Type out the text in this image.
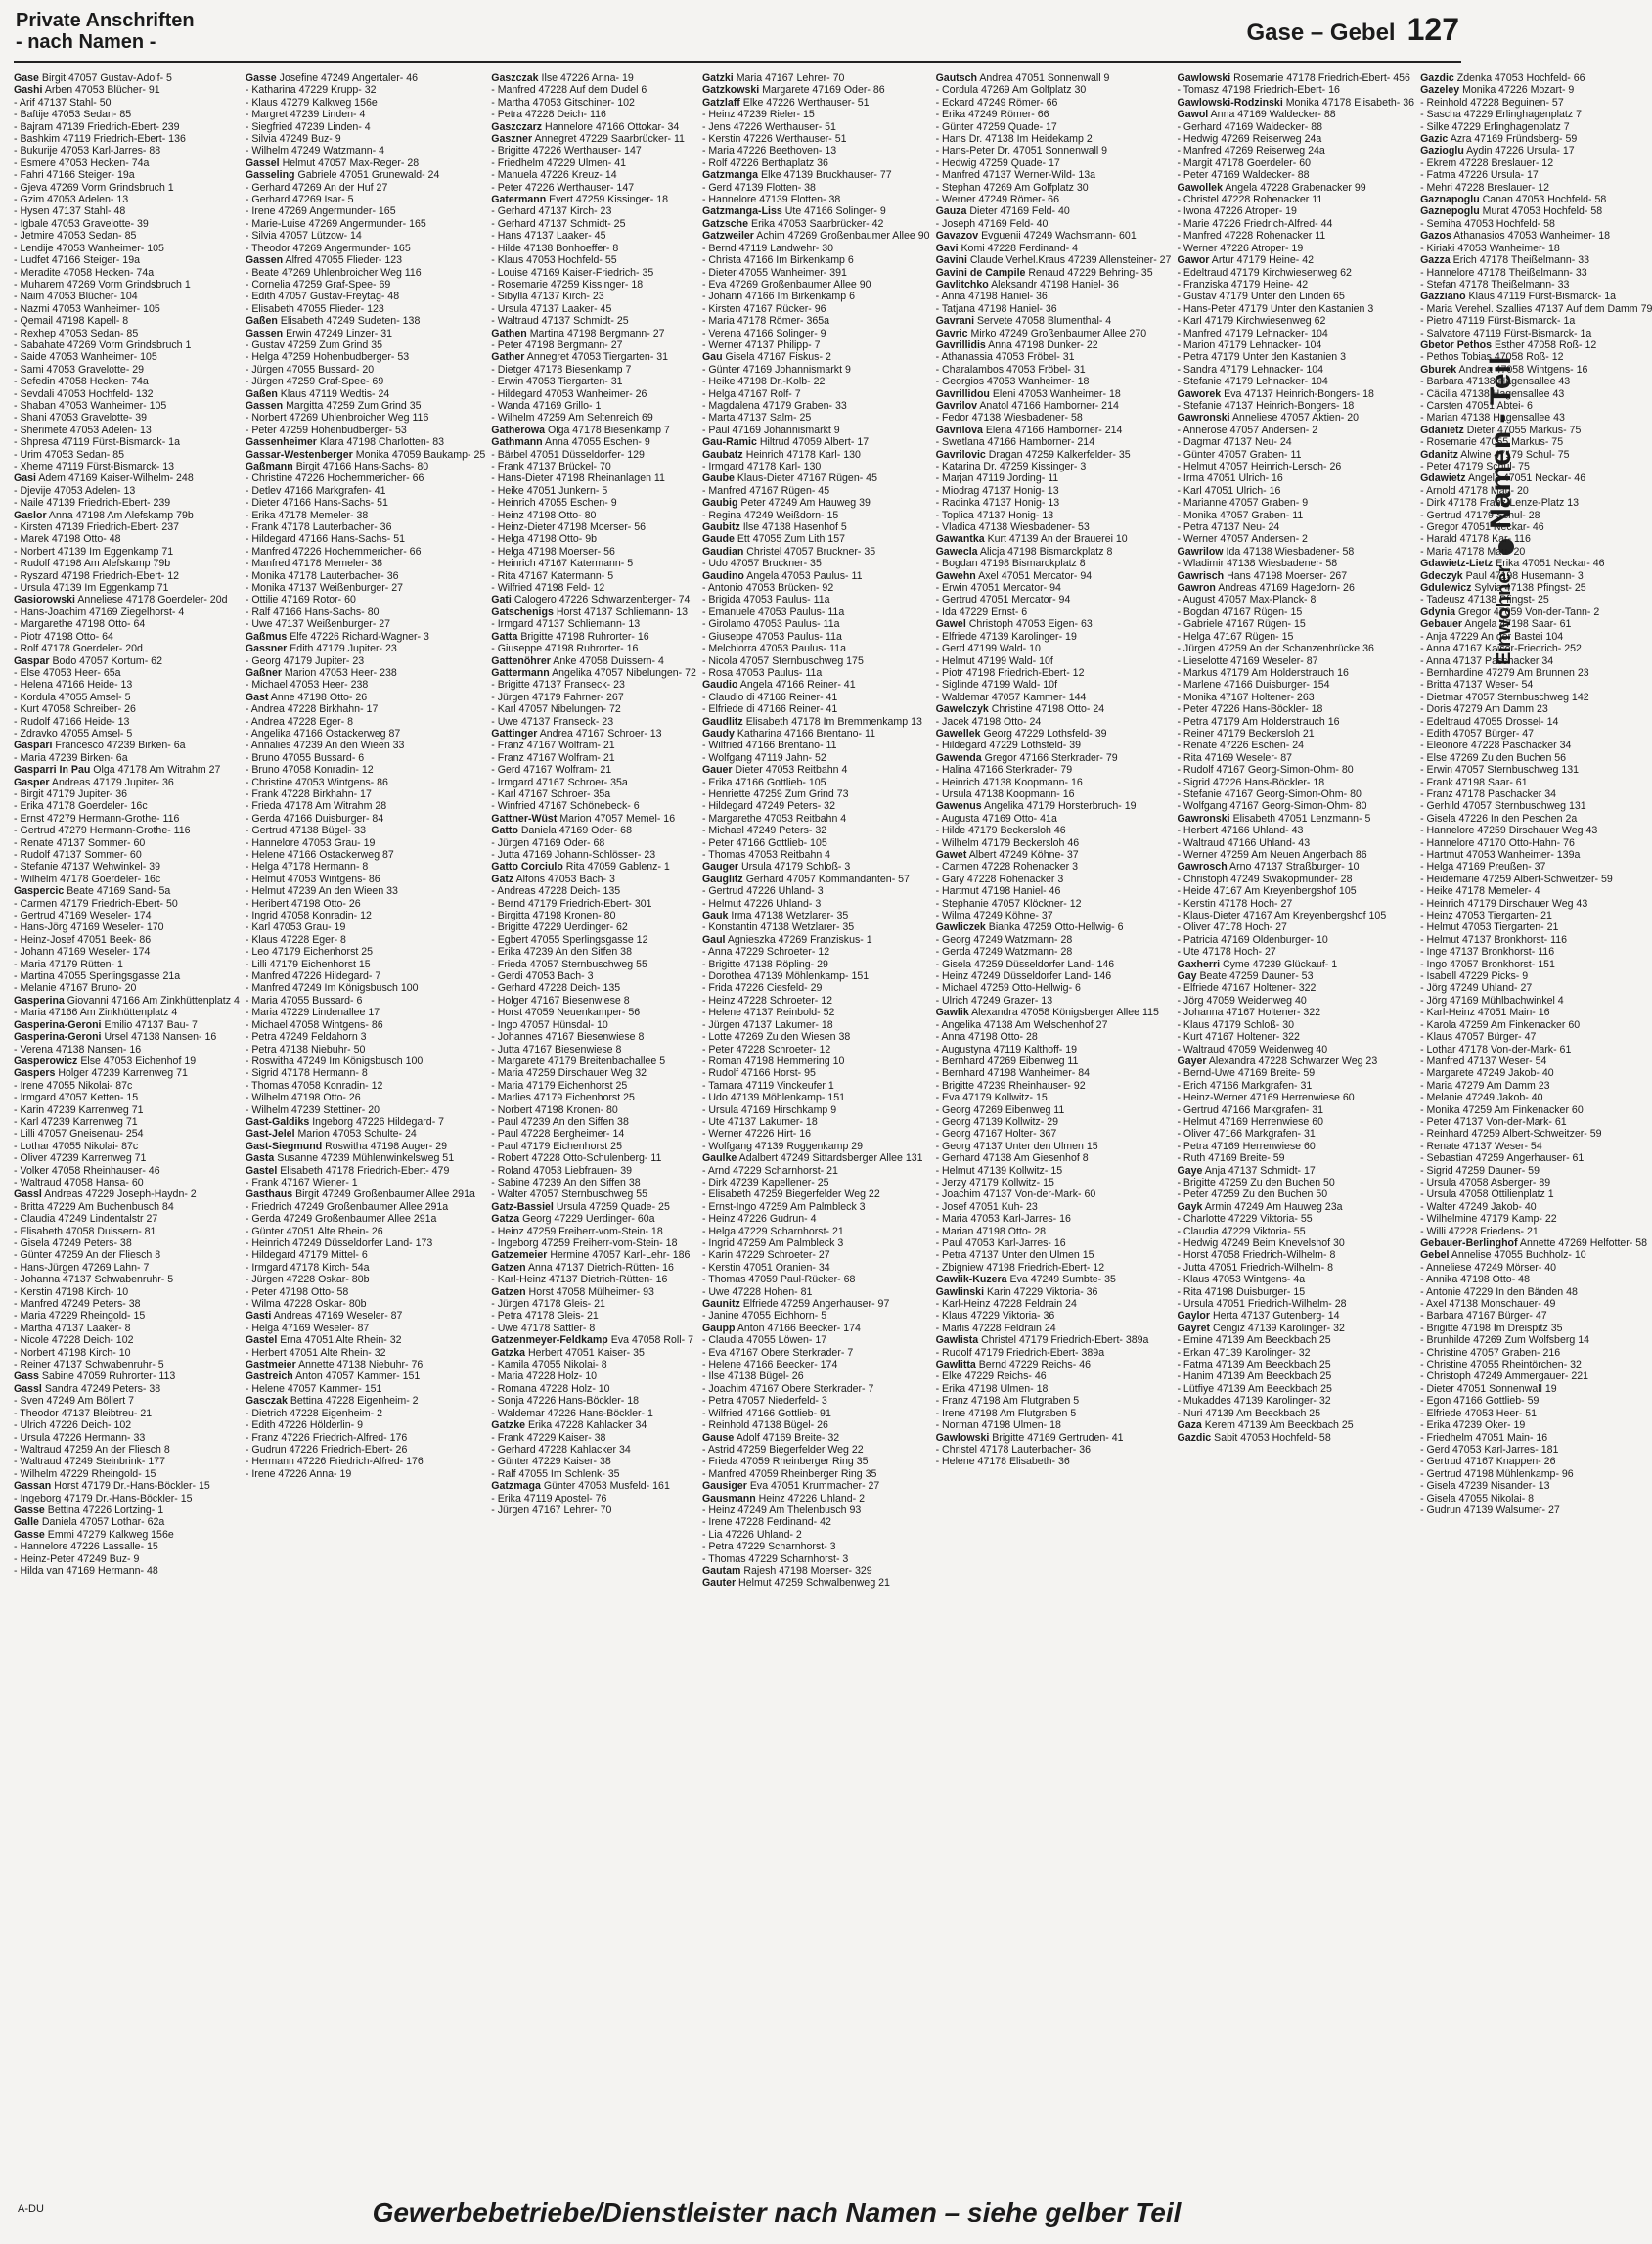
Private Anschriften
- nach Namen -	Gase – Gebel 127
Einwohner  Namen - Teil

Gase Birgit 47057 Gustav-Adolf- 5

Gashi Arben 47053 Blücher- 91

- Arif 47137 Stahl- 50

- Baftije 47053 Sedan- 85

- Bajram 47139 Friedrich-Ebert- 239

- Bashkim 47119 Friedrich-Ebert- 136

- Bukurije 47053 Karl-Jarres- 88

- Esmere 47053 Hecken- 74a

- Fahri 47166 Steiger- 19a

- Gjeva 47269 Vorm Grindsbruch 1

- Gzim 47053 Adelen- 13

- Hysen 47137 Stahl- 48

- Igbale 47053 Gravelotte- 39

- Jetmire 47053 Sedan- 85

- Lendije 47053 Wanheimer- 105

- Ludfet 47166 Steiger- 19a

- Meradite 47058 Hecken- 74a

- Muharem 47269 Vorm Grindsbruch 1

- Naim 47053 Blücher- 104

- Nazmi 47053 Wanheimer- 105

- Qemail 47198 Kapell- 8

- Rexhep 47053 Sedan- 85

- Sabahate 47269 Vorm Grindsbruch 1

- Saide 47053 Wanheimer- 105

- Sami 47053 Gravelotte- 29

- Sefedin 47058 Hecken- 74a

- Sevdali 47053 Hochfeld- 132

- Shaban 47053 Wanheimer- 105

- Shani 47053 Gravelotte- 39

- Sherimete 47053 Adelen- 13

- Shpresa 47119 Fürst-Bismarck- 1a

- Urim 47053 Sedan- 85

- Xheme 47119 Fürst-Bismarck- 13

Gasi Adem 47169 Kaiser-Wilhelm- 248

- Djevije 47053 Adelen- 13

- Naile 47139 Friedrich-Ebert- 239

Gaslor Anna 47198 Am Alefskamp 79b

- Kirsten 47139 Friedrich-Ebert- 237

- Marek 47198 Otto- 48

- Norbert 47139 Im Eggenkamp 71

- Rudolf 47198 Am Alefskamp 79b

- Ryszard 47198 Friedrich-Ebert- 12

- Ursula 47139 Im Eggenkamp 71

Gasiorowski Anneliese 47178 Goerdeler- 20d

- Hans-Joachim 47169 Ziegelhorst- 4

- Margarethe 47198 Otto- 64

- Piotr 47198 Otto- 64

- Rolf 47178 Goerdeler- 20d

Gaspar Bodo 47057 Kortum- 62

- Else 47053 Heer- 65a

- Helena 47166 Heide- 13

- Kordula 47055 Amsel- 5

- Kurt 47058 Schreiber- 26

- Rudolf 47166 Heide- 13

- Zdravko 47055 Amsel- 5

Gaspari Francesco 47239 Birken- 6a

- Maria 47239 Birken- 6a

Gasparri In Pau Olga 47178 Am Witrahm 27

Gasper Andreas 47179 Jupiter- 36

- Birgit 47179 Jupiter- 36

- Erika 47178 Goerdeler- 16c

- Ernst 47279 Hermann-Grothe- 116

- Gertrud 47279 Hermann-Grothe- 116

- Renate 47137 Sommer- 60

- Rudolf 47137 Sommer- 60

- Stefanie 47137 Wehwinkel- 39

- Wilhelm 47178 Goerdeler- 16c

Gaspercic Beate 47169 Sand- 5a

- Carmen 47179 Friedrich-Ebert- 50

- Gertrud 47169 Weseler- 174

- Hans-Jörg 47169 Weseler- 170

- Heinz-Josef 47051 Beek- 86

- Johann 47169 Weseler- 174

- Maria 47179 Rütten- 1

- Martina 47055 Sperlingsgasse 21a

- Melanie 47167 Bruno- 20

Gasperina Giovanni 47166 Am Zinkhüttenplatz 4

- Maria 47166 Am Zinkhüttenplatz 4

Gasperina-Geroni Emilio 47137 Bau- 7

Gasperina-Geroni Ursel 47138 Nansen- 16

- Verena 47138 Nansen- 16

Gasperowicz Else 47053 Eichenhof 19

Gaspers Holger 47239 Karrenweg 71

- Irene 47055 Nikolai- 87c

- Irmgard 47057 Ketten- 15

- Karin 47239 Karrenweg 71

- Karl 47239 Karrenweg 71

- Lilli 47057 Gneisenau- 254

- Lothar 47055 Nikolai- 87c

- Oliver 47239 Karrenweg 71

- Volker 47058 Rheinhauser- 46

- Waltraud 47058 Hansa- 60

Gassl Andreas 47229 Joseph-Haydn- 2

- Britta 47229 Am Buchenbusch 84

- Claudia 47249 Lindentalstr 27

- Elisabeth 47058 Duissern- 81

- Gisela 47249 Peters- 38

- Günter 47259 An der Fliesch 8

- Hans-Jürgen 47269 Lahn- 7

- Johanna 47137 Schwabenruhr- 5

- Kerstin 47198 Kirch- 10

- Manfred 47249 Peters- 38

- Maria 47229 Rheingold- 15

- Martha 47137 Laaker- 8

- Nicole 47228 Deich- 102

- Norbert 47198 Kirch- 10

- Reiner 47137 Schwabenruhr- 5

Gass Sabine 47059 Ruhrorter- 113

Gassl Sandra 47249 Peters- 38

- Sven 47249 Am Böllert 7

- Theodor 47137 Bleibtreu- 21

- Ulrich 47226 Deich- 102

- Ursula 47226 Hermann- 33

- Waltraud 47259 An der Fliesch 8

- Waltraud 47249 Steinbrink- 177

- Wilhelm 47229 Rheingold- 15

Gassan Horst 47179 Dr.-Hans-Böckler- 15

- Ingeborg 47179 Dr.-Hans-Böckler- 15

Gasse Bettina 47226 Lortzing- 1

Galle Daniela 47057 Lothar- 62a

Gasse Emmi 47279 Kalkweg 156e

- Hannelore 47226 Lassalle- 15

- Heinz-Peter 47249 Buz- 9

- Hilda van 47169 Hermann- 48

Gasse Josefine 47249 Angertaler- 46

- Katharina 47229 Krupp- 32

- Klaus 47279 Kalkweg 156e

- Margret 47239 Linden- 4

- Siegfried 47239 Linden- 4

- Silvia 47249 Buz- 9

- Wilhelm 47249 Watzmann- 4

Gassel Helmut 47057 Max-Reger- 28

Gasseling Gabriele 47051 Grunewald- 24

- Gerhard 47269 An der Huf 27

- Gerhard 47269 Isar- 5

- Irene 47269 Angermunder- 165

- Marie-Luise 47269 Angermunder- 165

- Silvia 47057 Lützow- 14

- Theodor 47269 Angermunder- 165

Gassen Alfred 47055 Flieder- 123

- Beate 47269 Uhlenbroicher Weg 116

- Cornelia 47259 Graf-Spee- 69

- Edith 47057 Gustav-Freytag- 48

- Elisabeth 47055 Flieder- 123

Gaßen Elisabeth 47249 Sudeten- 138

Gassen Erwin 47249 Linzer- 31

- Gustav 47259 Zum Grind 35

- Helga 47259 Hohenbudberger- 53

- Jürgen 47055 Bussard- 20

- Jürgen 47259 Graf-Spee- 69

Gaßen Klaus 47119 Wedtis- 24

Gassen Margitta 47259 Zum Grind 35

- Norbert 47269 Uhlenbroicher Weg 116

- Peter 47259 Hohenbudberger- 53

Gassenheimer Klara 47198 Charlotten- 83

Gassar-Westenberger Monika 47059 Baukamp- 25

Gaßmann Birgit 47166 Hans-Sachs- 80

- Christine 47226 Hochemmericher- 66

- Detlev 47166 Markgrafen- 41

- Dieter 47166 Hans-Sachs- 51

- Erika 47178 Memeler- 38

- Frank 47178 Lauterbacher- 36

- Hildegard 47166 Hans-Sachs- 51

- Manfred 47226 Hochemmericher- 66

- Manfred 47178 Memeler- 38

- Monika 47178 Lauterbacher- 36

- Monika 47137 Weißenburger- 27

- Ottilie 47169 Rotor- 60

- Ralf 47166 Hans-Sachs- 80

- Uwe 47137 Weißenburger- 27

Gaßmus Elfe 47226 Richard-Wagner- 3

Gassner Edith 47179 Jupiter- 23

- Georg 47179 Jupiter- 23

Gaßner Marion 47053 Heer- 238

- Michael 47053 Heer- 238

Gast Anne 47198 Otto- 26

- Andrea 47228 Birkhahn- 17

- Andrea 47228 Eger- 8

- Angelika 47166 Ostackerweg 87

- Annalies 47239 An den Wieen 33

- Bruno 47055 Bussard- 6

- Bruno 47058 Konradin- 12

- Christine 47053 Wintgens- 86

- Frank 47228 Birkhahn- 17

- Frieda 47178 Am Witrahm 28

- Gerda 47166 Duisburger- 84

- Gertrud 47138 Bügel- 33

- Hannelore 47053 Grau- 19

- Helene 47166 Ostackerweg 87

- Helga 47178 Hermann- 8

- Helmut 47053 Wintgens- 86

- Helmut 47239 An den Wieen 33

- Heribert 47198 Otto- 26

- Ingrid 47058 Konradin- 12

- Karl 47053 Grau- 19

- Klaus 47228 Eger- 8

- Leo 47179 Eichenhorst 25

- Lilli 47179 Eichenhorst 15

- Manfred 47226 Hildegard- 7

- Manfred 47249 Im Königsbusch 100

- Maria 47055 Bussard- 6

- Maria 47229 Lindenallee 17

- Michael 47058 Wintgens- 86

- Petra 47249 Feldahorn 3

- Petra 47138 Niebuhr- 50

- Roswitha 47249 Im Königsbusch 100

- Sigrid 47178 Hermann- 8

- Thomas 47058 Konradin- 12

- Wilhelm 47198 Otto- 26

- Wilhelm 47239 Stettiner- 20

Gast-Galdiks Ingeborg 47226 Hildegard- 7

Gast-Jelel Marion 47053 Schulte- 24

Gast-Siegmund Roswitha 47198 Auger- 29

Gasta Susanne 47239 Mühlenwinkelsweg 51

Gastel Elisabeth 47178 Friedrich-Ebert- 479

- Frank 47167 Wiener- 1

Gasthaus Birgit 47249 Großenbaumer Allee 291a

- Friedrich 47249 Großenbaumer Allee 291a

- Gerda 47249 Großenbaumer Allee 291a

- Günter 47051 Alte Rhein- 26

- Heinrich 47249 Düsseldorfer Land- 173

- Hildegard 47179 Mittel- 6

- Irmgard 47178 Kirch- 54a

- Jürgen 47228 Oskar- 80b

- Peter 47198 Otto- 58

- Wilma 47228 Oskar- 80b

Gasti Andreas 47169 Weseler- 87

- Helga 47169 Weseler- 87

Gastel Erna 47051 Alte Rhein- 32

- Herbert 47051 Alte Rhein- 32

Gastmeier Annette 47138 Niebuhr- 76

Gastreich Anton 47057 Kammer- 151

- Helene 47057 Kammer- 151

Gasczak Bettina 47228 Eigenheim- 2

- Dietrich 47228 Eigenheim- 2

- Edith 47226 Hölderlin- 9

- Franz 47226 Friedrich-Alfred- 176

- Gudrun 47226 Friedrich-Ebert- 26

- Hermann 47226 Friedrich-Alfred- 176

- Irene 47226 Anna- 19

Gaszczak Ilse 47226 Anna- 19

- Manfred 47228 Auf dem Dudel 6

- Martha 47053 Gitschiner- 102

- Petra 47228 Deich- 116

Gaszczarz Hannelore 47166 Ottokar- 34

Gaszner Annegret 47229 Saarbrücker- 11

- Brigitte 47226 Werthauser- 147

- Friedhelm 47229 Ulmen- 41

- Manuela 47226 Kreuz- 14

- Peter 47226 Werthauser- 147

Gatermann Evert 47259 Kissinger- 18

- Gerhard 47137 Kirch- 23

- Gerhard 47137 Schmidt- 25

- Hans 47137 Laaker- 45

- Hilde 47138 Bonhoeffer- 8

- Klaus 47053 Hochfeld- 55

- Louise 47169 Kaiser-Friedrich- 35

- Rosemarie 47259 Kissinger- 18

- Sibylla 47137 Kirch- 23

- Ursula 47137 Laaker- 45

- Waltraud 47137 Schmidt- 25

Gathen Martina 47198 Bergmann- 27

- Peter 47198 Bergmann- 27

Gather Annegret 47053 Tiergarten- 31

- Dietger 47178 Biesenkamp 7

- Erwin 47053 Tiergarten- 31

- Hildegard 47053 Wanheimer- 26

- Wanda 47169 Grillo- 1

- Wilhelm 47259 Am Seltenreich 69

Gatherowa Olga 47178 Biesenkamp 7

Gathmann Anna 47055 Eschen- 9

- Bärbel 47051 Düsseldorfer- 129

- Frank 47137 Brückel- 70

- Hans-Dieter 47198 Rheinanlagen 11

- Heike 47051 Junkern- 5

- Heinrich 47055 Eschen- 9

- Heinz 47198 Otto- 80

- Heinz-Dieter 47198 Moerser- 56

- Helga 47198 Otto- 9b

- Helga 47198 Moerser- 56

- Heinrich 47167 Katermann- 5

- Rita 47167 Katermann- 5

- Wilfried 47198 Feld- 12

Gati Calogero 47226 Schwarzenberger- 74

Gatschenigs Horst 47137 Schliemann- 13

- Irmgard 47137 Schliemann- 13

Gatta Brigitte 47198 Ruhrorter- 16

- Giuseppe 47198 Ruhrorter- 16

Gattenöhrer Anke 47058 Duissern- 4

Gattermann Angelika 47057 Nibelungen- 72

- Brigitte 47137 Franseck- 23

- Jürgen 47179 Fahrner- 267

- Karl 47057 Nibelungen- 72

- Uwe 47137 Franseck- 23

Gattinger Andrea 47167 Schroer- 13

- Franz 47167 Wolfram- 21

- Franz 47167 Wolfram- 21

- Gerd 47167 Wolfram- 21

- Irmgard 47167 Schroer- 35a

- Karl 47167 Schroer- 35a

- Winfried 47167 Schönebeck- 6

Gattner-Wüst Marion 47057 Memel- 16

Gatto Daniela 47169 Oder- 68

- Jürgen 47169 Oder- 68

- Jutta 47169 Johann-Schlösser- 23

Gatto Corciulo Rita 47059 Gablenz- 1

Gatz Alfons 47053 Bach- 3

- Andreas 47228 Deich- 135

- Bernd 47179 Friedrich-Ebert- 301

- Birgitta 47198 Kronen- 80

- Brigitte 47229 Uerdinger- 62

- Egbert 47055 Sperlingsgasse 12

- Erika 47239 An den Sitfen 38

- Frieda 47057 Sternbuschweg 55

- Gerdi 47053 Bach- 3

- Gerhard 47228 Deich- 135

- Holger 47167 Biesenwiese 8

- Horst 47059 Neuenkamper- 56

- Ingo 47057 Hünsdal- 10

- Johannes 47167 Biesenwiese 8

- Jutta 47167 Biesenwiese 8

- Margarete 47179 Breitenbachallee 5

- Maria 47259 Dirschauer Weg 32

- Maria 47179 Eichenhorst 25

- Marlies 47179 Eichenhorst 25

- Norbert 47198 Kronen- 80

- Paul 47239 An den Siffen 38

- Paul 47228 Bergheimer- 14

- Paul 47179 Eichenhorst 25

- Robert 47228 Otto-Schulenberg- 11

- Roland 47053 Liebfrauen- 39

- Sabine 47239 An den Siffen 38

- Walter 47057 Sternbuschweg 55

Gatz-Bassiel Ursula 47259 Quade- 25

Gatza Georg 47229 Uerdinger- 60a

- Heinz 47259 Freiherr-vom-Stein- 18

- Ingeborg 47259 Freiherr-vom-Stein- 18

Gatzemeier Hermine 47057 Karl-Lehr- 186

Gatzen Anna 47137 Dietrich-Rütten- 16

- Karl-Heinz 47137 Dietrich-Rütten- 16

Gatzen Horst 47058 Mülheimer- 93

- Jürgen 47178 Gleis- 21

- Petra 47178 Gleis- 21

- Uwe 47178 Sattler- 8

Gatzenmeyer-Feldkamp Eva 47058 Roll- 7

Gatzka Herbert 47051 Kaiser- 35

- Kamila 47055 Nikolai- 8

- Maria 47228 Holz- 10

- Romana 47228 Holz- 10

- Sonja 47226 Hans-Böckler- 18

- Waldemar 47226 Hans-Böckler- 1

Gatzke Erika 47228 Kahlacker 34

- Frank 47229 Kaiser- 38

- Gerhard 47228 Kahlacker 34

- Günter 47229 Kaiser- 38

- Ralf 47055 Im Schlenk- 35

Gatzmaga Günter 47053 Musfeld- 161

- Erika 47119 Apostel- 76

- Jürgen 47167 Lehrer- 70

Gatzki Maria 47167 Lehrer- 70

Gatzkowski Margarete 47169 Oder- 86

Gatzlaff Elke 47226 Werthauser- 51

- Heinz 47239 Rieler- 15

- Jens 47226 Werthauser- 51

- Kerstin 47226 Werthauser- 51

- Maria 47226 Beethoven- 13

- Rolf 47226 Berthaplatz 36

Gatzmanga Elke 47139 Bruckhauser- 77

- Gerd 47139 Flotten- 38

- Hannelore 47139 Flotten- 38

Gatzmanga-Liss Ute 47166 Solinger- 9

Gatzsche Erika 47053 Saarbrücker- 42

Gatzweiler Achim 47269 Großenbaumer Allee 90

- Bernd 47119 Landwehr- 30

- Christa 47166 Im Birkenkamp 6

- Dieter 47055 Wanheimer- 391

- Eva 47269 Großenbaumer Allee 90

- Johann 47166 Im Birkenkamp 6

- Kirsten 47167 Rücker- 96

- Maria 47178 Römer- 365a

- Verena 47166 Solinger- 9

- Werner 47137 Philipp- 7

Gau Gisela 47167 Fiskus- 2

- Günter 47169 Johannismarkt 9

- Heike 47198 Dr.-Kolb- 22

- Helga 47167 Rolf- 7

- Magdalena 47179 Graben- 33

- Marta 47137 Salm- 25

- Paul 47169 Johannismarkt 9

Gau-Ramic Hiltrud 47059 Albert- 17

Gaubatz Heinrich 47178 Karl- 130

- Irmgard 47178 Karl- 130

Gaube Klaus-Dieter 47167 Rügen- 45

- Manfred 47167 Rügen- 45

Gaubig Peter 47249 Am Hauweg 39

- Regina 47249 Weißdorn- 15

Gaubitz Ilse 47138 Hasenhof 5

Gaude Ett 47055 Zum Lith 157

Gaudian Christel 47057 Bruckner- 35

- Udo 47057 Bruckner- 35

Gaudino Angela 47053 Paulus- 11

- Antonio 47053 Brücken- 92

- Brigida 47053 Paulus- 11a

- Emanuele 47053 Paulus- 11a

- Girolamo 47053 Paulus- 11a

- Giuseppe 47053 Paulus- 11a

- Melchiorra 47053 Paulus- 11a

- Nicola 47057 Sternbuschweg 175

- Rosa 47053 Paulus- 11a

Gaudio Angela 47166 Reiner- 41

- Claudio di 47166 Reiner- 41

- Elfriede di 47166 Reiner- 41

Gaudlitz Elisabeth 47178 Im Bremmenkamp 13

Gaudy Katharina 47166 Brentano- 11

- Wilfried 47166 Brentano- 11

- Wolfgang 47119 Jahn- 52

Gauer Dieter 47053 Reitbahn 4

- Erika 47166 Gottlieb- 105

- Henriette 47259 Zum Grind 73

- Hildegard 47249 Peters- 32

- Margarethe 47053 Reitbahn 4

- Michael 47249 Peters- 32

- Peter 47166 Gottlieb- 105

- Thomas 47053 Reitbahn 4

Gauger Ursula 47179 Schloß- 3

Gauglitz Gerhard 47057 Kommandanten- 57

- Gertrud 47226 Uhland- 3

- Helmut 47226 Uhland- 3

Gauk Irma 47138 Wetzlarer- 35

- Konstantin 47138 Wetzlarer- 35

Gaul Agnieszka 47269 Franziskus- 1

- Anna 47229 Schroeter- 12

- Brigitte 47138 Röpling- 29

- Dorothea 47139 Möhlenkamp- 151

- Frida 47226 Ciesfeld- 29

- Heinz 47228 Schroeter- 12

- Helene 47137 Reinbold- 52

- Jürgen 47137 Lakumer- 18

- Lotte 47269 Zu den Wiesen 38

- Peter 47228 Schroeter- 12

- Roman 47198 Hemmering 10

- Rudolf 47166 Horst- 95

- Tamara 47119 Vinckeufer 1

- Udo 47139 Möhlenkamp- 151

- Ursula 47169 Hirschkamp 9

- Ute 47137 Lakumer- 18

- Werner 47226 Hirt- 16

- Wolfgang 47139 Roggenkamp 29

Gaulke Adalbert 47249 Sittardsberger Allee 131

- Arnd 47229 Scharnhorst- 21

- Dirk 47239 Kapellener- 25

- Elisabeth 47259 Biegerfelder Weg 22

- Ernst-Ingo 47259 Am Palmbleck 3

- Heinz 47226 Gudrun- 4

- Helga 47229 Scharnhorst- 21

- Ingrid 47259 Am Palmbleck 3

- Karin 47229 Schroeter- 27

- Kerstin 47051 Oranien- 34

- Thomas 47059 Paul-Rücker- 68

- Uwe 47228 Hohen- 81

Gaunitz Elfriede 47259 Angerhauser- 97

- Janine 47055 Eichhorn- 5

Gaupp Anton 47166 Beecker- 174

- Claudia 47055 Löwen- 17

- Eva 47167 Obere Sterkrader- 7

- Helene 47166 Beecker- 174

- Ilse 47138 Bügel- 26

- Joachim 47167 Obere Sterkrader- 7

- Petra 47057 Niederfeld- 3

- Wilfried 47166 Gottlieb- 91

- Reinhold 47138 Bügel- 26

Gause Adolf 47169 Breite- 32

- Astrid 47259 Biegerfelder Weg 22

- Frieda 47059 Rheinberger Ring 35

- Manfred 47059 Rheinberger Ring 35

Gausiger Eva 47051 Krummacher- 27

Gausmann Heinz 47226 Uhland- 2

- Heinz 47249 Am Thelenbusch 93

- Irene 47228 Ferdinand- 42

- Lia 47226 Uhland- 2

- Petra 47229 Scharnhorst- 3

- Thomas 47229 Scharnhorst- 3

Gautam Rajesh 47198 Moerser- 329

Gauter Helmut 47259 Schwalbenweg 21

Gautsch Andrea 47051 Sonnenwall 9

- Cordula 47269 Am Golfplatz 30

- Eckard 47249 Römer- 66

- Erika 47249 Römer- 66

- Günter 47259 Quade- 17

- Hans Dr. 47138 Im Heidekamp 2

- Hans-Peter Dr. 47051 Sonnenwall 9

- Hedwig 47259 Quade- 17

- Manfred 47137 Werner-Wild- 13a

- Stephan 47269 Am Golfplatz 30

- Werner 47249 Römer- 66

Gauza Dieter 47169 Feld- 40

- Joseph 47169 Feld- 40

Gavazov Evguenii 47249 Wachsmann- 601

Gavi Komi 47228 Ferdinand- 4

Gavini Claude Verhel.Kraus 47239 Allensteiner- 27

Gavini de Campile Renaud 47229 Behring- 35

Gavlitchko Aleksandr 47198 Haniel- 36

- Anna 47198 Haniel- 36

- Tatjana 47198 Haniel- 36

Gavrani Servete 47058 Blumenthal- 4

Gavric Mirko 47249 Großenbaumer Allee 270

Gavrillidis Anna 47198 Dunker- 22

- Athanassia 47053 Fröbel- 31

- Charalambos 47053 Fröbel- 31

- Georgios 47053 Wanheimer- 18

Gavrillidou Eleni 47053 Wanheimer- 18

Gavrilov Anatol 47166 Hamborner- 214

- Fedor 47138 Wiesbadener- 58

Gavrilova Elena 47166 Hamborner- 214

- Swetlana 47166 Hamborner- 214

Gavrilovic Dragan 47259 Kalkerfelder- 35

- Katarina Dr. 47259 Kissinger- 3

- Marjan 47119 Jording- 11

- Miodrag 47137 Honig- 13

- Radinka 47137 Honig- 13

- Toplica 47137 Honig- 13

- Vladica 47138 Wiesbadener- 53

Gawantka Kurt 47139 An der Brauerei 10

Gawecla Alicja 47198 Bismarckplatz 8

- Bogdan 47198 Bismarckplatz 8

Gawehn Axel 47051 Mercator- 94

- Erwin 47051 Mercator- 94

- Gertrud 47051 Mercator- 94

- Ida 47229 Ernst- 6

Gawel Christoph 47053 Eigen- 63

- Elfriede 47139 Karolinger- 19

- Gerd 47199 Wald- 10

- Helmut 47199 Wald- 10f

- Piotr 47198 Friedrich-Ebert- 12

- Siglinde 47199 Wald- 10f

- Waldemar 47057 Kammer- 144

Gawelczyk Christine 47198 Otto- 24

- Jacek 47198 Otto- 24

Gawellek Georg 47229 Lothsfeld- 39

- Hildegard 47229 Lothsfeld- 39

Gawenda Gregor 47166 Sterkrader- 79

- Halina 47166 Sterkrader- 79

- Heinrich 47138 Koopmann- 16

- Ursula 47138 Koopmann- 16

Gawenus Angelika 47179 Horsterbruch- 19

- Augusta 47169 Otto- 41a

- Hilde 47179 Beckersloh 46

- Wilhelm 47179 Beckersloh 46

Gawet Albert 47249 Köhne- 37

- Carmen 47228 Rohenacker 3

- Gary 47228 Rohenacker 3

- Hartmut 47198 Haniel- 46

- Stephanie 47057 Klöckner- 12

- Wilma 47249 Köhne- 37

Gawliczek Bianka 47259 Otto-Hellwig- 6

- Georg 47249 Watzmann- 28

- Gerda 47249 Watzmann- 28

- Gisela 47259 Düsseldorfer Land- 146

- Heinz 47249 Düsseldorfer Land- 146

- Michael 47259 Otto-Hellwig- 6

- Ulrich 47249 Grazer- 13

Gawlik Alexandra 47058 Königsberger Allee 115

- Angelika 47138 Am Welschenhof 27

- Anna 47198 Otto- 28

- Augustyna 47119 Kalthoff- 19

- Bernhard 47269 Eibenweg 11

- Bernhard 47198 Wanheimer- 84

- Brigitte 47239 Rheinhauser- 92

- Eva 47179 Kollwitz- 15

- Georg 47269 Eibenweg 11

- Georg 47139 Kollwitz- 29

- Georg 47167 Holter- 367

- Georg 47137 Unter den Ulmen 15

- Gerhard 47138 Am Giesenhof 8

- Helmut 47139 Kollwitz- 15

- Jerzy 47179 Kollwitz- 15

- Joachim 47137 Von-der-Mark- 60

- Josef 47051 Kuh- 23

- Maria 47053 Karl-Jarres- 16

- Marian 47198 Otto- 28

- Paul 47053 Karl-Jarres- 16

- Petra 47137 Unter den Ulmen 15

- Zbigniew 47198 Friedrich-Ebert- 12

Gawlik-Kuzera Eva 47249 Sumbte- 35

Gawlinski Karin 47229 Viktoria- 36

- Karl-Heinz 47228 Feldrain 24

- Klaus 47229 Viktoria- 36

- Marlis 47228 Feldrain 24

Gawlista Christel 47179 Friedrich-Ebert- 389a

- Rudolf 47179 Friedrich-Ebert- 389a

Gawlitta Bernd 47229 Reichs- 46

- Elke 47229 Reichs- 46

- Erika 47198 Ulmen- 18

- Franz 47198 Am Flutgraben 5

- Irene 47198 Am Flutgraben 5

- Norman 47198 Ulmen- 18

Gawlowski Brigitte 47169 Gertruden- 41

- Christel 47178 Lauterbacher- 36

- Helene 47178 Elisabeth- 36

Gawlowski Rosemarie 47178 Friedrich-Ebert- 456

- Tomasz 47198 Friedrich-Ebert- 16

Gawlowski-Rodzinski Monika 47178 Elisabeth- 36

Gawol Anna 47169 Waldecker- 88

- Gerhard 47169 Waldecker- 88

- Hedwig 47269 Reiserweg 24a

- Manfred 47269 Reiserweg 24a

- Margit 47178 Goerdeler- 60

- Peter 47169 Waldecker- 88

Gawollek Angela 47228 Grabenacker 99

- Christel 47228 Rohenacker 11

- Iwona 47226 Atroper- 19

- Marie 47226 Friedrich-Alfred- 44

- Manfred 47228 Rohenacker 11

- Werner 47226 Atroper- 19

Gawor Artur 47179 Heine- 42

- Edeltraud 47179 Kirchwiesenweg 62

- Franziska 47179 Heine- 42

- Gustav 47179 Unter den Linden 65

- Hans-Peter 47179 Unter den Kastanien 3

- Karl 47179 Kirchwiesenweg 62

- Manfred 47179 Lehnacker- 104

- Marion 47179 Lehnacker- 104

- Petra 47179 Unter den Kastanien 3

- Sandra 47179 Lehnacker- 104

- Stefanie 47179 Lehnacker- 104

Gaworek Eva 47137 Heinrich-Bongers- 18

- Stefanie 47137 Heinrich-Bongers- 18

Gawronski Anneliese 47057 Aktien- 20

- Annerose 47057 Andersen- 2

- Dagmar 47137 Neu- 24

- Günter 47057 Graben- 11

- Helmut 47057 Heinrich-Lersch- 26

- Irma 47051 Ulrich- 16

- Karl 47051 Ulrich- 16

- Marianne 47057 Graben- 9

- Monika 47057 Graben- 11

- Petra 47137 Neu- 24

- Werner 47057 Andersen- 2

Gawrilow Ida 47138 Wiesbadener- 58

- Wladimir 47138 Wiesbadener- 58

Gawrisch Hans 47198 Moerser- 267

Gawron Andreas 47169 Hagedorn- 26

- August 47057 Max-Planck- 8

- Bogdan 47167 Rügen- 15

- Gabriele 47167 Rügen- 15

- Helga 47167 Rügen- 15

- Jürgen 47259 An der Schanzenbrücke 36

- Lieselotte 47169 Weseler- 87

- Markus 47179 Am Holderstrauch 16

- Marlene 47166 Duisburger- 154

- Monika 47167 Holtener- 263

- Peter 47226 Hans-Böckler- 18

- Petra 47179 Am Holderstrauch 16

- Reiner 47179 Beckersloh 21

- Renate 47226 Eschen- 24

- Rita 47169 Weseler- 87

- Rudolf 47167 Georg-Simon-Ohm- 80

- Sigrid 47226 Hans-Böckler- 18

- Stefanie 47167 Georg-Simon-Ohm- 80

- Wolfgang 47167 Georg-Simon-Ohm- 80

Gawronski Elisabeth 47051 Lenzmann- 5

- Herbert 47166 Uhland- 43

- Waltraud 47166 Uhland- 43

- Werner 47259 Am Neuen Angerbach 86

Gawrosch Arno 47137 Straßburger- 10

- Christoph 47249 Swakopmunder- 28

- Heide 47167 Am Kreyenbergshof 105

- Kerstin 47178 Hoch- 27

- Klaus-Dieter 47167 Am Kreyenbergshof 105

- Oliver 47178 Hoch- 27

- Patricia 47169 Oldenburger- 10

- Ute 47178 Hoch- 27

Gaxherri Cyme 47239 Glückauf- 1

Gay Beate 47259 Dauner- 53

- Elfriede 47167 Holtener- 322

- Jörg 47059 Weidenweg 40

- Johanna 47167 Holtener- 322

- Klaus 47179 Schloß- 30

- Kurt 47167 Holtener- 322

- Waltraud 47059 Weidenweg 40

Gayer Alexandra 47228 Schwarzer Weg 23

- Bernd-Uwe 47169 Breite- 59

- Erich 47166 Markgrafen- 31

- Heinz-Werner 47169 Herrenwiese 60

- Gertrud 47166 Markgrafen- 31

- Helmut 47169 Herrenwiese 60

- Oliver 47166 Markgrafen- 31

- Petra 47169 Herrenwiese 60

- Ruth 47169 Breite- 59

Gaye Anja 47137 Schmidt- 17

- Brigitte 47259 Zu den Buchen 50

- Peter 47259 Zu den Buchen 50

Gayk Armin 47249 Am Hauweg 23a

- Charlotte 47229 Viktoria- 55

- Claudia 47229 Viktoria- 55

- Hedwig 47249 Beim Knevelshof 30

- Horst 47058 Friedrich-Wilhelm- 8

- Jutta 47051 Friedrich-Wilhelm- 8

- Klaus 47053 Wintgens- 4a

- Rita 47198 Duisburger- 15

- Ursula 47051 Friedrich-Wilhelm- 28

Gaylor Herta 47137 Gutenberg- 14

Gayret Cengiz 47139 Karolinger- 32

- Emine 47139 Am Beeckbach 25

- Erkan 47139 Karolinger- 32

- Fatma 47139 Am Beeckbach 25

- Hanim 47139 Am Beeckbach 25

- Lütfiye 47139 Am Beeckbach 25

- Mukaddes 47139 Karolinger- 32

- Nuri 47139 Am Beeckbach 25

Gaza Kerem 47139 Am Beeckbach 25

Gazdic Sabit 47053 Hochfeld- 58

Gazdic Zdenka 47053 Hochfeld- 66

Gazeley Monika 47226 Mozart- 9

- Reinhold 47228 Beguinen- 57

- Sascha 47229 Erlinghagenplatz 7

- Silke 47229 Erlinghagenplatz 7

Gazic Azra 47169 Fründsberg- 59

Gazioglu Aydin 47226 Ursula- 17

- Ekrem 47228 Breslauer- 12

- Fatma 47226 Ursula- 17

- Mehri 47228 Breslauer- 12

Gaznapoglu Canan 47053 Hochfeld- 58

Gaznepoglu Murat 47053 Hochfeld- 58

- Semiha 47053 Hochfeld- 58

Gazos Athanasios 47053 Wanheimer- 18

- Kiriaki 47053 Wanheimer- 18

Gazza Erich 47178 Theißelmann- 33

- Hannelore 47178 Theißelmann- 33

- Stefan 47178 Theißelmann- 33

Gazziano Klaus 47119 Fürst-Bismarck- 1a

- Maria Verehel. Szallies 47137 Auf dem Damm 79

- Pietro 47119 Fürst-Bismarck- 1a

- Salvatore 47119 Fürst-Bismarck- 1a

Gbetor Pethos Esther 47058 Roß- 12

- Pethos Tobias 47058 Roß- 12

Gburek Andrea 47058 Wintgens- 16

- Barbara 47138 Hagensallee 43

- Cäcilia 47138 Hagensallee 43

- Carsten 47051 Abtei- 6

- Marian 47138 Hagensallee 43

Gdanietz Dieter 47055 Markus- 75

- Rosemarie 47055 Markus- 75

Gdanitz Alwine 47179 Schul- 75

- Peter 47179 Schul- 75

Gdawietz Angela 47051 Neckar- 46

- Arnold 47178 Mau- 20

- Dirk 47178 Franz-Lenze-Platz 13

- Gertrud 47179 Schul- 28

- Gregor 47051 Neckar- 46

- Harald 47178 Kar- 116

- Maria 47178 Mau- 20

Gdawietz-Lietz Erika 47051 Neckar- 46

Gdeczyk Paul 47198 Husemann- 3

Gdulewicz Sylvia 47138 Pfingst- 25

- Tadeusz 47138 Pfingst- 25

Gdynia Gregor 47059 Von-der-Tann- 2

Gebauer Angela 47198 Saar- 61

- Anja 47229 An der Bastei 104

- Anna 47167 Kaiser-Friedrich- 252

- Anna 47137 Paschacker 34

- Bernhardine 47279 Am Brunnen 23

- Britta 47137 Weser- 54

- Dietmar 47057 Sternbuschweg 142

- Doris 47279 Am Damm 23

- Edeltraud 47055 Drossel- 14

- Edith 47057 Bürger- 47

- Eleonore 47228 Paschacker 34

- Else 47269 Zu den Buchen 56

- Erwin 47057 Sternbuschweg 131

- Frank 47198 Saar- 61

- Franz 47178 Paschacker 34

- Gerhild 47057 Sternbuschweg 131

- Gisela 47226 In den Peschen 2a

- Hannelore 47259 Dirschauer Weg 43

- Hannelore 47170 Otto-Hahn- 76

- Hartmut 47053 Wanheimer- 139a

- Helga 47169 Preußen- 37

- Heidemarie 47259 Albert-Schweitzer- 59

- Heike 47178 Memeler- 4

- Heinrich 47179 Dirschauer Weg 43

- Heinz 47053 Tiergarten- 21

- Helmut 47053 Tiergarten- 21

- Helmut 47137 Bronkhorst- 116

- Inge 47137 Bronkhorst- 116

- Ingo 47057 Bronkhorst- 151

- Isabell 47229 Picks- 9

- Jörg 47249 Uhland- 27

- Jörg 47169 Mühlbachwinkel 4

- Karl-Heinz 47051 Main- 16

- Karola 47259 Am Finkenacker 60

- Klaus 47057 Bürger- 47

- Lothar 47178 Von-der-Mark- 61

- Manfred 47137 Weser- 54

- Margarete 47249 Jakob- 40

- Maria 47279 Am Damm 23

- Melanie 47249 Jakob- 40

- Monika 47259 Am Finkenacker 60

- Peter 47137 Von-der-Mark- 61

- Reinhard 47259 Albert-Schweitzer- 59

- Renate 47137 Weser- 54

- Sebastian 47259 Angerhauser- 61

- Sigrid 47259 Dauner- 59

- Ursula 47058 Asberger- 89

- Ursula 47058 Ottilienplatz 1

- Walter 47249 Jakob- 40

- Wilhelmine 47179 Kamp- 22

- Willi 47228 Friedens- 21

Gebauer-Berlinghof Annette 47269 Helfotter- 58

Gebel Annelise 47055 Buchholz- 10

- Anneliese 47249 Mörser- 40

- Annika 47198 Otto- 48

- Antonie 47229 In den Bänden 48

- Axel 47138 Monschauer- 49

- Barbara 47167 Bürger- 47

- Brigitte 47198 Im Dreispitz 35

- Brunhilde 47269 Zum Wolfsberg 14

- Christine 47057 Graben- 216

- Christine 47055 Rheintörchen- 32

- Christoph 47249 Ammergauer- 221

- Dieter 47051 Sonnenwall 19

- Egon 47166 Gottlieb- 59

- Elfriede 47053 Heer- 51

- Erika 47239 Oker- 19

- Friedhelm 47051 Main- 16

- Gerd 47053 Karl-Jarres- 181

- Gertrud 47167 Knappen- 26

- Gertrud 47198 Mühlenkamp- 96

- Gisela 47239 Nisander- 13

- Gisela 47055 Nikolai- 8

- Gudrun 47139 Walsumer- 27

A-DU	Gewerbebetriebe/Dienstleister nach Namen – siehe gelber Teil
